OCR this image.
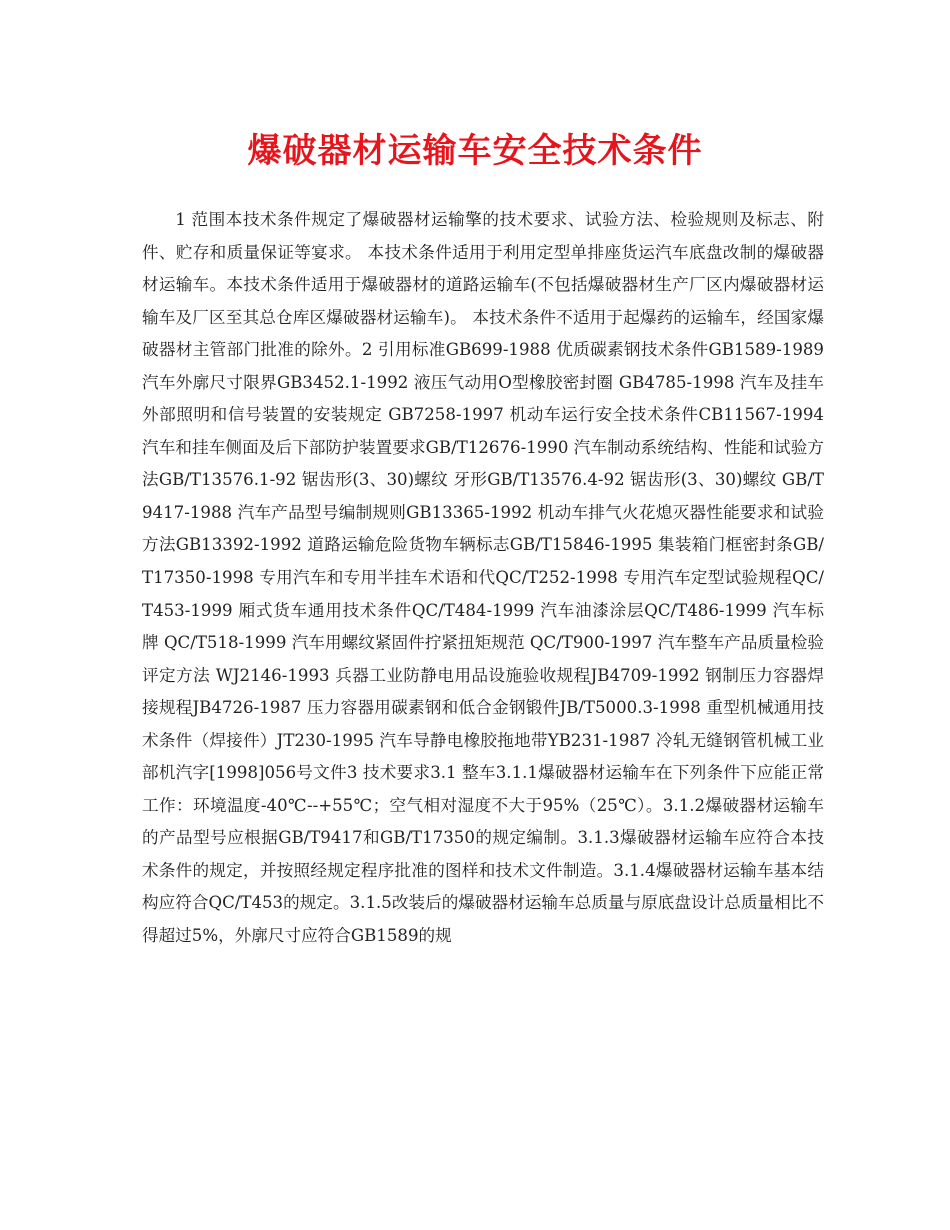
爆破器材运输车安全技术条件

1 范围本技术条件规定了爆破器材运输擎的技术要求、试验方法、检验规则及标志、附件、贮存和质量保证等宴求。 本技术条件适用于利用定型单排座货运汽车底盘改制的爆破器材运输车。本技术条件适用于爆破器材的道路运输车(不包括爆破器材生产厂区内爆破器材运输车及厂区至其总仓库区爆破器材运输车)。 本技术条件不适用于起爆药的运输车，经国家爆破器材主管部门批准的除外。2 引用标准GB699-1988 优质碳素钢技术条件GB1589-1989 汽车外廓尺寸限界GB3452.1-1992 液压气动用O型橡胶密封圈 GB4785-1998 汽车及挂车外部照明和信号装置的安装规定 GB7258-1997 机动车运行安全技术条件CB11567-1994 汽车和挂车侧面及后下部防护装置要求GB/T12676-1990 汽车制动系统结构、性能和试验方法GB/T13576.1-92 锯齿形(3、30)螺纹 牙形GB/T13576.4-92 锯齿形(3、30)螺纹 GB/T9417-1988 汽车产品型号编制规则GB13365-1992 机动车排气火花熄灭器性能要求和试验方法GB13392-1992 道路运输危险货物车辆标志GB/T15846-1995 集装箱门框密封条GB/T17350-1998 专用汽车和专用半挂车术语和代QC/T252-1998 专用汽车定型试验规程QC/T453-1999 厢式货车通用技术条件QC/T484-1999 汽车油漆涂层QC/T486-1999 汽车标牌 QC/T518-1999 汽车用螺纹紧固件拧紧扭矩规范 QC/T900-1997 汽车整车产品质量检验评定方法 WJ2146-1993 兵器工业防静电用品设施验收规程JB4709-1992 钢制压力容器焊接规程JB4726-1987 压力容器用碳素钢和低合金钢锻件JB/T5000.3-1998 重型机械通用技术条件（焊接件）JT230-1995 汽车导静电橡胶拖地带YB231-1987 冷轧无缝钢管机械工业部机汽字[1998]056号文件3 技术要求3.1 整车3.1.1爆破器材运输车在下列条件下应能正常工作：环境温度-40℃--+55℃；空气相对湿度不大于95%（25℃）。3.1.2爆破器材运输车的产品型号应根据GB/T9417和GB/T17350的规定编制。3.1.3爆破器材运输车应符合本技术条件的规定，并按照经规定程序批准的图样和技术文件制造。3.1.4爆破器材运输车基本结构应符合QC/T453的规定。3.1.5改装后的爆破器材运输车总质量与原底盘设计总质量相比不得超过5%，外廓尺寸应符合GB1589的规
